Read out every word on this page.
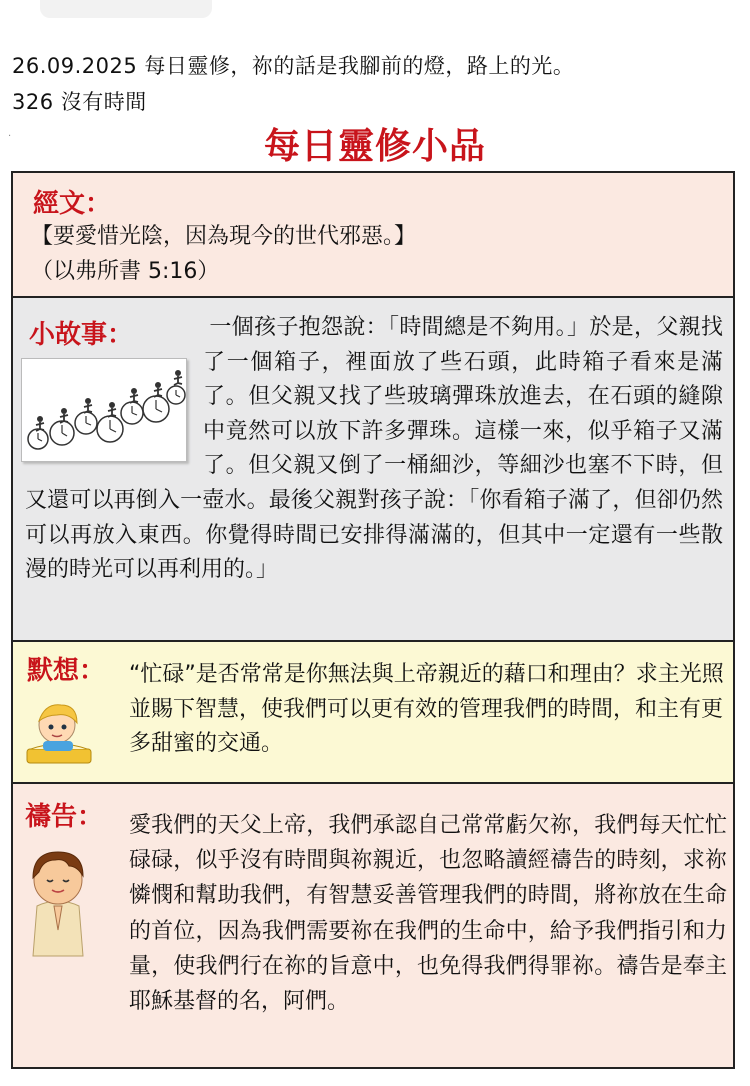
26.09.2025 每日靈修，祢的話是我腳前的燈，路上的光。
326 沒有時間
.	每日靈修小品
經文：
【要愛惜光陰，因為現今的世代邪惡。】
（以弗所書 5:16）
一個孩子抱怨說：「時間總是不夠用。」於是，父親找了一個箱子，裡面放了些石頭，此時箱子看來是滿了。但父親又找了些玻璃彈珠放進去，在石頭的縫隙中竟然可以放下許多彈珠。這樣一來，似乎箱子又滿了。但父親又倒了一桶細沙，等細沙也塞不下時，但又還可以再倒入一壺水。最後父親對孩子說：「你看箱子滿了，但卻仍然可以再放入東西。你覺得時間已安排得滿滿的，但其中一定還有一些散漫的時光可以再利用的。」
小故事：
默想： “忙碌”是否常常是你無法與上帝親近的藉口和理由？求主光照並賜下智慧，使我們可以更有效的管理我們的時間，和主有更多甜蜜的交通。
禱告： 愛我們的天父上帝，我們承認自己常常虧欠祢，我們每天忙忙碌碌，似乎沒有時間與祢親近，也忽略讀經禱告的時刻，求祢憐憫和幫助我們，有智慧妥善管理我們的時間，將祢放在生命的首位，因為我們需要祢在我們的生命中，給予我們指引和力量，使我們行在祢的旨意中，也免得我們得罪祢。禱告是奉主耶穌基督的名，阿們。
